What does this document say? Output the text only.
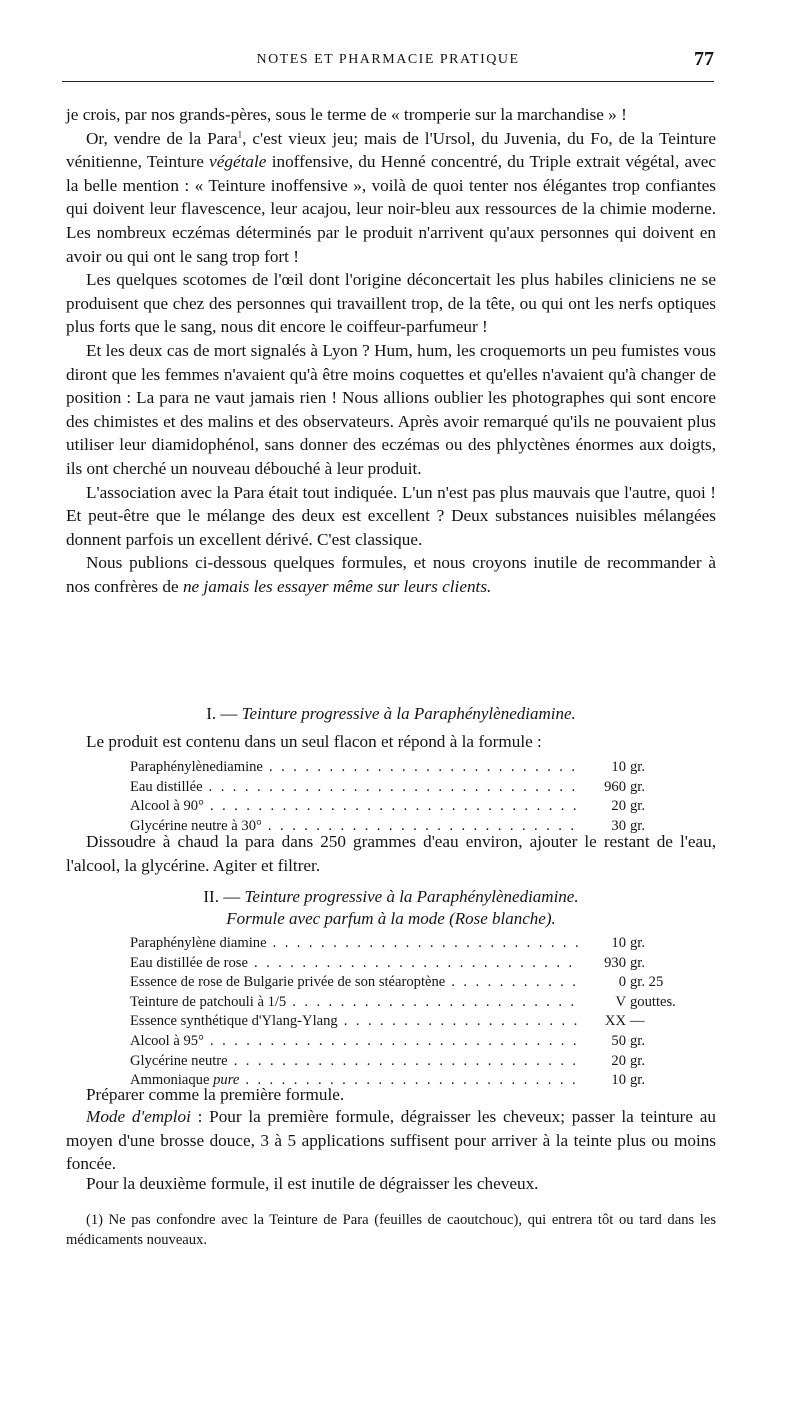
NOTES ET PHARMACIE PRATIQUE	77

je crois, par nos grands-pères, sous le terme de « tromperie sur la marchandise » !

Or, vendre de la Para$^1$, c'est vieux jeu; mais de l'Ursol, du Juvenia, du Fo, de la Teinture vénitienne, Teinture végétale inoffensive, du Henné concentré, du Triple extrait végétal, avec la belle mention : « Teinture inoffensive », voilà de quoi tenter nos élégantes trop confiantes qui doivent leur flavescence, leur acajou, leur noir-bleu aux ressources de la chimie moderne. Les nombreux eczémas déterminés par le produit n'arrivent qu'aux personnes qui doivent en avoir ou qui ont le sang trop fort !

Les quelques scotomes de l'œil dont l'origine déconcertait les plus habiles cliniciens ne se produisent que chez des personnes qui travaillent trop, de la tête, ou qui ont les nerfs optiques plus forts que le sang, nous dit encore le coiffeur-parfumeur !

Et les deux cas de mort signalés à Lyon ? Hum, hum, les croquemorts un peu fumistes vous diront que les femmes n'avaient qu'à être moins coquettes et qu'elles n'avaient qu'à changer de position : La para ne vaut jamais rien ! Nous allions oublier les photographes qui sont encore des chimistes et des malins et des observateurs. Après avoir remarqué qu'ils ne pouvaient plus utiliser leur diamidophénol, sans donner des eczémas ou des phlyctènes énormes aux doigts, ils ont cherché un nouveau débouché à leur produit.

L'association avec la Para était tout indiquée. L'un n'est pas plus mauvais que l'autre, quoi ! Et peut-être que le mélange des deux est excellent ? Deux substances nuisibles mélangées donnent parfois un excellent dérivé. C'est classique.

Nous publions ci-dessous quelques formules, et nous croyons inutile de recommander à nos confrères de ne jamais les essayer même sur leurs clients.

I. — Teinture progressive à la Paraphénylènediamine.
Le produit est contenu dans un seul flacon et répond à la formule :
Paraphénylènediamine . . .	10 gr.
Eau distillée . . .	960 gr.
Alcool à 90° . . .	20 gr.
Glycérine neutre à 30° . . .	30 gr.

Dissoudre à chaud la para dans 250 grammes d'eau environ, ajouter le restant de l'eau, l'alcool, la glycérine. Agiter et filtrer.

II. — Teinture progressive à la Paraphénylènediamine.
Formule avec parfum à la mode (Rose blanche).
Paraphénylène diamine . . .	10 gr.
Eau distillée de rose . . .	930 gr.
Essence de rose de Bulgarie privée de son stéaroptène . . .	0 gr. 25
Teinture de patchouli à 1/5 . . .	V gouttes.
Essence synthétique d'Ylang-Ylang . . .	XX —
Alcool à 95° . . .	50 gr.
Glycérine neutre . . .	20 gr.
Ammoniaque pure . . .	10 gr.
Préparer comme la première formule.

Mode d'emploi : Pour la première formule, dégraisser les cheveux; passer la teinture au moyen d'une brosse douce, 3 à 5 applications suffisent pour arriver à la teinte plus ou moins foncée.

Pour la deuxième formule, il est inutile de dégraisser les cheveux.

(1) Ne pas confondre avec la Teinture de Para (feuilles de caoutchouc), qui entrera tôt ou tard dans les médicaments nouveaux.
